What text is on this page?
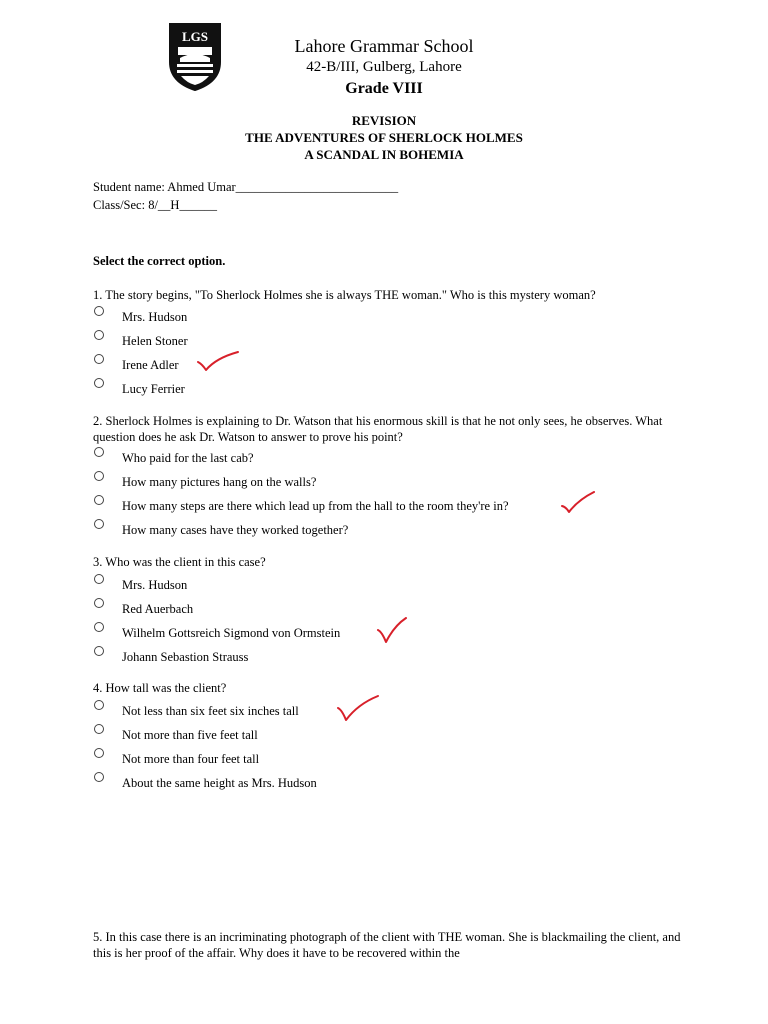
LGS	Lahore Grammar School
42-B/III, Gulberg, Lahore
Grade VIII
REVISION
THE ADVENTURES OF SHERLOCK HOLMES
A SCANDAL IN BOHEMIA
Student name: Ahmed Umar__________________________
Class/Sec: 8/__H______
Select the correct option.
1. The story begins, "To Sherlock Holmes she is always THE woman." Who is this mystery woman?
Mrs. Hudson
Helen Stoner
Irene Adler
Lucy Ferrier
2. Sherlock Holmes is explaining to Dr. Watson that his enormous skill is that he not only sees, he observes. What question does he ask Dr. Watson to answer to prove his point?
Who paid for the last cab?
How many pictures hang on the walls?
How many steps are there which lead up from the hall to the room they're in?
How many cases have they worked together?
3. Who was the client in this case?
Mrs. Hudson
Red Auerbach
Wilhelm Gottsreich Sigmond von Ormstein
Johann Sebastion Strauss
4. How tall was the client?
Not less than six feet six inches tall
Not more than five feet tall
Not more than four feet tall
About the same height as Mrs. Hudson
5. In this case there is an incriminating photograph of the client with THE woman. She is blackmailing the client, and this is her proof of the affair. Why does it have to be recovered within the
